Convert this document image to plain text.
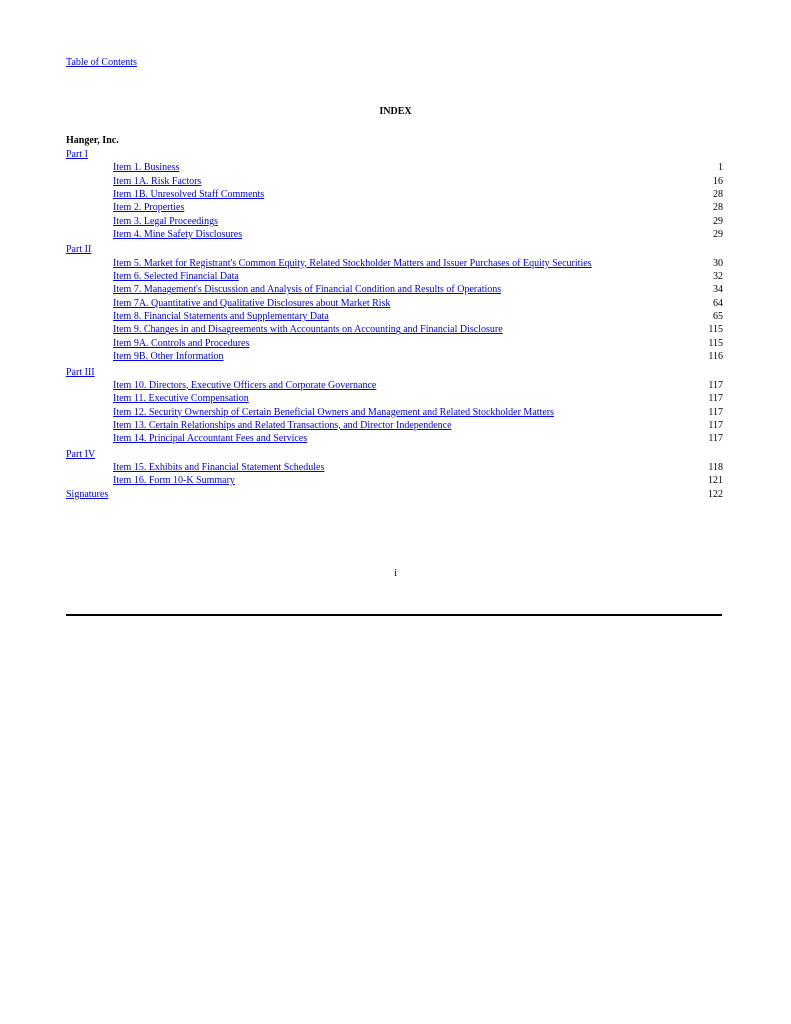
Table of Contents
INDEX
Hanger, Inc.
Part I
Item 1. Business	1
Item 1A. Risk Factors	16
Item 1B. Unresolved Staff Comments	28
Item 2. Properties	28
Item 3. Legal Proceedings	29
Item 4. Mine Safety Disclosures	29
Part II
Item 5. Market for Registrant's Common Equity, Related Stockholder Matters and Issuer Purchases of Equity Securities	30
Item 6. Selected Financial Data	32
Item 7. Management's Discussion and Analysis of Financial Condition and Results of Operations	34
Item 7A. Quantitative and Qualitative Disclosures about Market Risk	64
Item 8. Financial Statements and Supplementary Data	65
Item 9. Changes in and Disagreements with Accountants on Accounting and Financial Disclosure	115
Item 9A. Controls and Procedures	115
Item 9B. Other Information	116
Part III
Item 10. Directors, Executive Officers and Corporate Governance	117
Item 11. Executive Compensation	117
Item 12. Security Ownership of Certain Beneficial Owners and Management and Related Stockholder Matters	117
Item 13. Certain Relationships and Related Transactions, and Director Independence	117
Item 14. Principal Accountant Fees and Services	117
Part IV
Item 15. Exhibits and Financial Statement Schedules	118
Item 16. Form 10-K Summary	121
Signatures	122
i
